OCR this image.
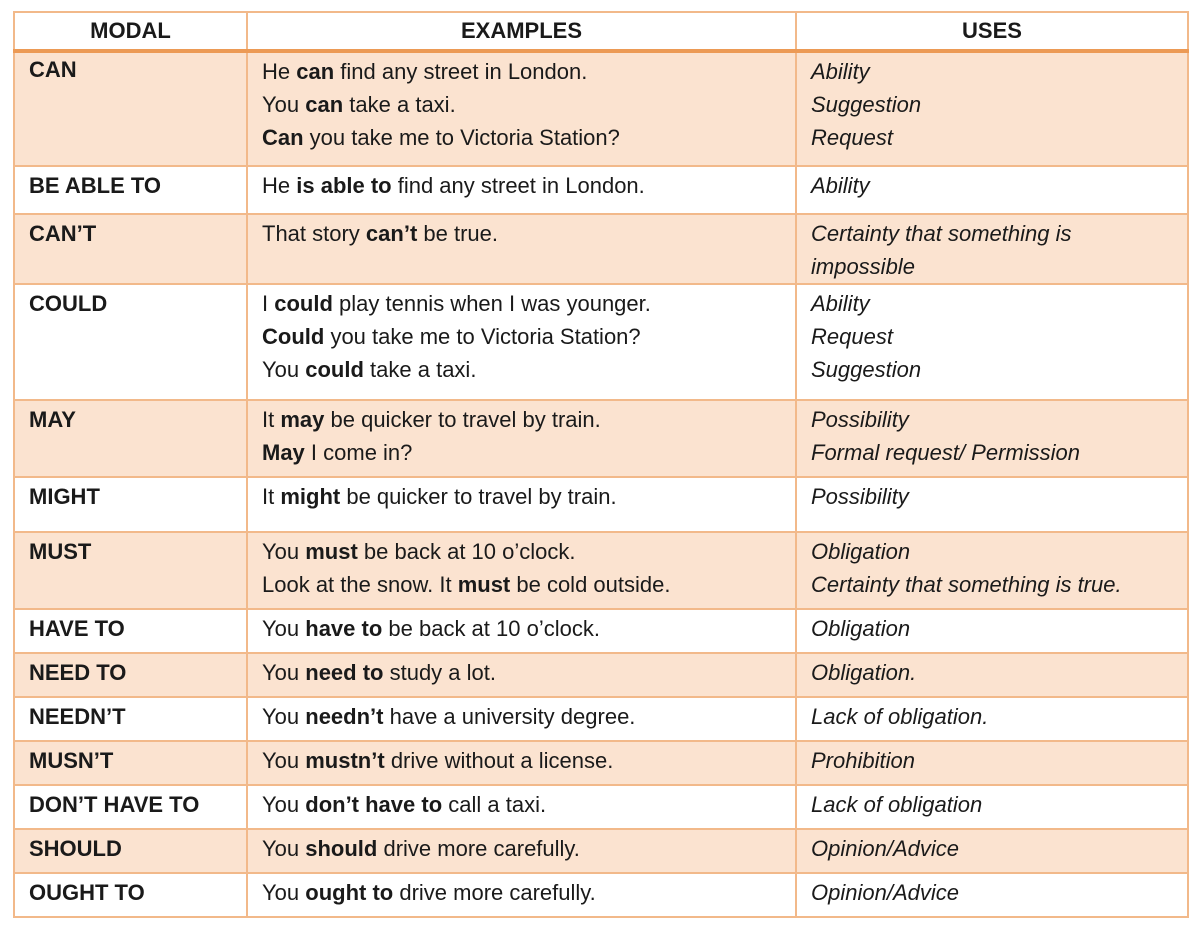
MODAL	EXAMPLES	USES
CAN	He can find any street in London.
You can take a taxi.
Can you take me to Victoria Station?	Ability
Suggestion
Request

BE ABLE TO	He is able to find any street in London.	Ability

CAN’T	That story can’t be true.	Certainty that something is
impossible

COULD	I could play tennis when I was younger.
Could you take me to Victoria Station?
You could take a taxi.	Ability
Request
Suggestion

MAY	It may be quicker to travel by train.
May I come in?	Possibility
Formal request/ Permission

MIGHT	It might be quicker to travel by train.	Possibility

MUST	You must be back at 10 o’clock.
Look at the snow. It must be cold outside.	Obligation
Certainty that something is true.

HAVE TO	You have to be back at 10 o’clock.	Obligation

NEED TO	You need to study a lot.	Obligation.

NEEDN’T	You needn’t have a university degree.	Lack of obligation.

MUSN’T	You mustn’t drive without a license.	Prohibition

DON’T HAVE TO	You don’t have to call a taxi.	Lack of obligation

SHOULD	You should drive more carefully.	Opinion/Advice

OUGHT TO	You ought to drive more carefully.	Opinion/Advice
